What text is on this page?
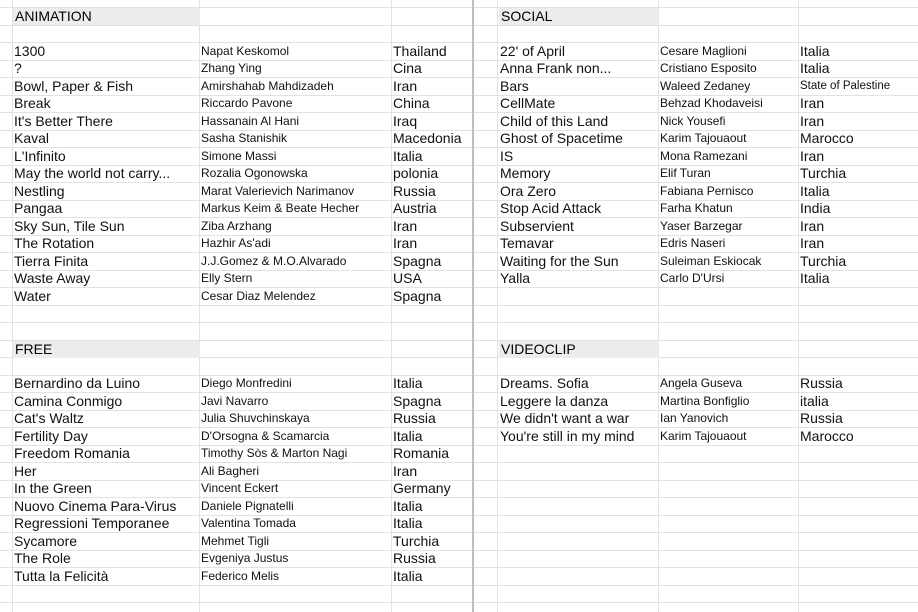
ANIMATION
1300	Napat Keskomol	Thailand
?	Zhang Ying	Cina
Bowl, Paper & Fish	Amirshahab Mahdizadeh	Iran
Break	Riccardo Pavone	China
It's Better There	Hassanain Al Hani	Iraq
Kaval	Sasha Stanishik	Macedonia
L'Infinito	Simone Massi	Italia
May the world not carry...	Rozalia Ogonowska	polonia
Nestling	Marat Valerievich Narimanov	Russia
Pangaa	Markus Keim & Beate Hecher	Austria
Sky Sun, Tile Sun	Ziba Arzhang	Iran
The Rotation	Hazhir As'adi	Iran
Tierra Finita	J.J.Gomez & M.O.Alvarado	Spagna
Waste Away	Elly Stern	USA
Water	Cesar Diaz Melendez	Spagna
SOCIAL
22' of April	Cesare Maglioni	Italia
Anna Frank non...	Cristiano Esposito	Italia
Bars	Waleed Zedaney	State of Palestine
CellMate	Behzad Khodaveisi	Iran
Child of this Land	Nick Yousefi	Iran
Ghost of Spacetime	Karim Tajouaout	Marocco
IS	Mona Ramezani	Iran
Memory	Elif Turan	Turchia
Ora Zero	Fabiana Pernisco	Italia
Stop Acid Attack	Farha Khatun	India
Subservient	Yaser Barzegar	Iran
Temavar	Edris Naseri	Iran
Waiting for the Sun	Suleiman Eskiocak	Turchia
Yalla	Carlo D'Ursi	Italia
FREE
Bernardino da Luino	Diego Monfredini	Italia
Camina Conmigo	Javi Navarro	Spagna
Cat's Waltz	Julia Shuvchinskaya	Russia
Fertility Day	D'Orsogna & Scamarcia	Italia
Freedom Romania	Timothy Sòs & Marton Nagi	Romania
Her	Ali Bagheri	Iran
In the Green	Vincent Eckert	Germany
Nuovo Cinema Para-Virus	Daniele Pignatelli	Italia
Regressioni Temporanee	Valentina Tomada	Italia
Sycamore	Mehmet Tigli	Turchia
The Role	Evgeniya Justus	Russia
Tutta la Felicità	Federico Melis	Italia
VIDEOCLIP
Dreams. Sofia	Angela Guseva	Russia
Leggere la danza	Martina Bonfiglio	italia
We didn't want a war	Ian Yanovich	Russia
You're still in my mind	Karim Tajouaout	Marocco
